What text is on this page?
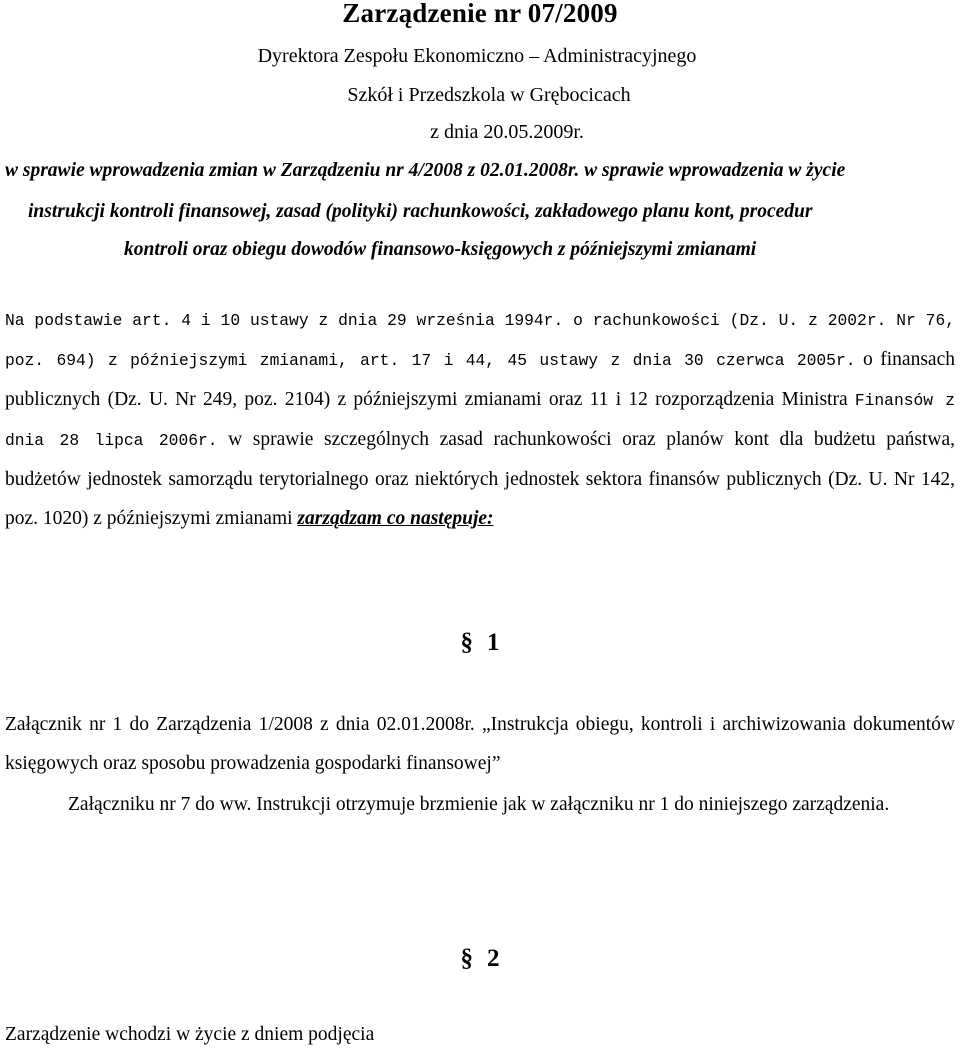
Zarządzenie nr 07/2009
Dyrektora Zespołu Ekonomiczno – Administracyjnego
Szkół i Przedszkola w Grębocicach
z dnia 20.05.2009r.
w sprawie wprowadzenia zmian w Zarządzeniu nr 4/2008 z 02.01.2008r. w sprawie wprowadzenia w życie
instrukcji kontroli finansowej, zasad (polityki) rachunkowości, zakładowego planu kont, procedur
kontroli oraz obiegu dowodów finansowo-księgowych z późniejszymi zmianami
Na podstawie art. 4 i 10 ustawy z dnia 29 września 1994r. o rachunkowości (Dz. U. z 2002r. Nr 76, poz. 694) z późniejszymi zmianami, art. 17 i 44, 45 ustawy z dnia 30 czerwca 2005r. o finansach publicznych (Dz. U. Nr 249, poz. 2104) z późniejszymi zmianami oraz 11 i 12 rozporządzenia Ministra Finansów z dnia 28 lipca 2006r. w sprawie szczególnych zasad rachunkowości oraz planów kont dla budżetu państwa, budżetów jednostek samorządu terytorialnego oraz niektórych jednostek sektora finansów publicznych (Dz. U. Nr 142, poz. 1020) z późniejszymi zmianami zarządzam co następuje:
§ 1
Załącznik nr 1 do Zarządzenia 1/2008 z dnia 02.01.2008r. „Instrukcja obiegu, kontroli i archiwizowania dokumentów księgowych oraz sposobu prowadzenia gospodarki finansowej”
Załączniku nr 7 do ww. Instrukcji otrzymuje brzmienie jak w załączniku nr 1 do niniejszego zarządzenia.
§ 2
Zarządzenie wchodzi w życie z dniem podjęcia
